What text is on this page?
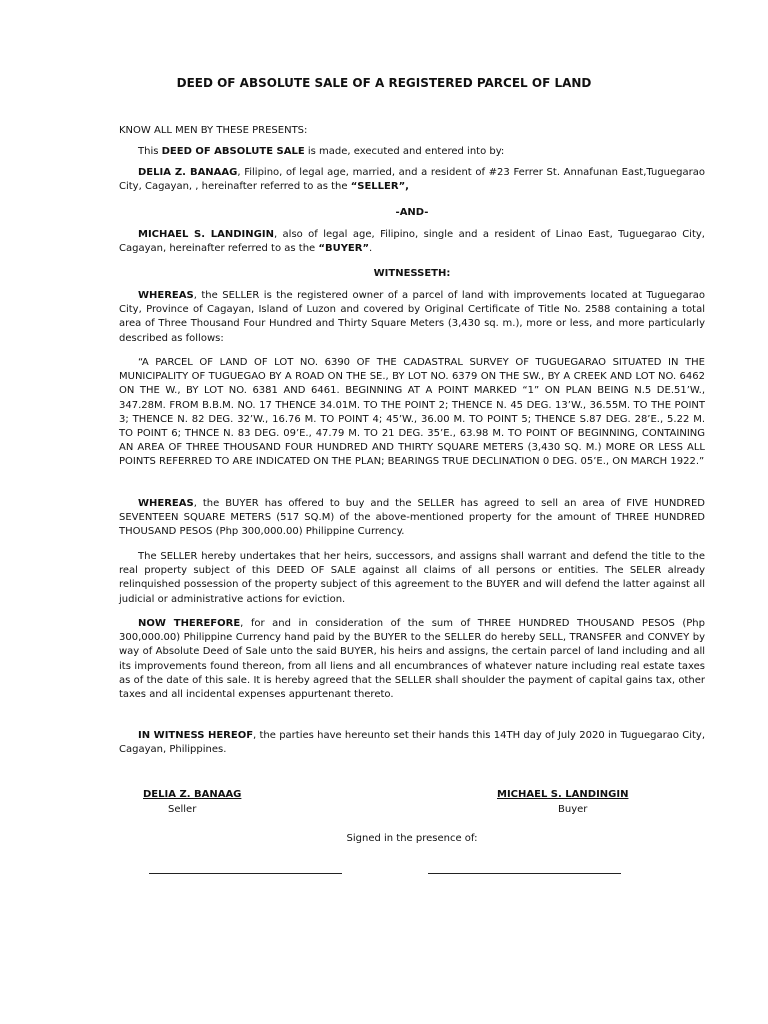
DEED OF ABSOLUTE SALE OF A REGISTERED PARCEL OF LAND
KNOW ALL MEN BY THESE PRESENTS:
This DEED OF ABSOLUTE SALE is made, executed and entered into by:
DELIA Z. BANAAG, Filipino, of legal age, married, and a resident of #23 Ferrer St. Annafunan East,Tuguegarao City, Cagayan, , hereinafter referred to as the “SELLER”,
-AND-
MICHAEL S. LANDINGIN, also of legal age, Filipino, single and a resident of Linao East, Tuguegarao City, Cagayan, hereinafter referred to as the “BUYER”.
WITNESSETH:
WHEREAS, the SELLER is the registered owner of a parcel of land with improvements located at Tuguegarao City, Province of Cagayan, Island of Luzon and covered by Original Certificate of Title No. 2588 containing a total area of Three Thousand Four Hundred and Thirty Square Meters (3,430 sq. m.), more or less, and more particularly described as follows:
“A PARCEL OF LAND OF LOT NO. 6390 OF THE CADASTRAL SURVEY OF TUGUEGARAO SITUATED IN THE MUNICIPALITY OF TUGUEGAO BY A ROAD ON THE SE., BY LOT NO. 6379 ON THE SW., BY A CREEK AND LOT NO. 6462 ON THE W., BY LOT NO. 6381 AND 6461. BEGINNING AT A POINT MARKED “1” ON PLAN BEING N.5 DE.51’W., 347.28M. FROM B.B.M. NO. 17 THENCE 34.01M. TO THE POINT 2; THENCE N. 45 DEG. 13’W., 36.55M. TO THE POINT 3; THENCE N. 82 DEG. 32’W., 16.76 M. TO POINT 4; 45’W., 36.00 M. TO POINT 5; THENCE S.87 DEG. 28’E., 5.22 M. TO POINT 6; THNCE N. 83 DEG. 09’E., 47.79 M. TO 21 DEG. 35’E., 63.98 M. TO POINT OF BEGINNING, CONTAINING AN AREA OF THREE THOUSAND FOUR HUNDRED AND THIRTY SQUARE METERS (3,430 SQ. M.) MORE OR LESS ALL POINTS REFERRED TO ARE INDICATED ON THE PLAN; BEARINGS TRUE DECLINATION 0 DEG. 05’E., ON MARCH 1922.”
WHEREAS, the BUYER has offered to buy and the SELLER has agreed to sell an area of FIVE HUNDRED SEVENTEEN SQUARE METERS (517 SQ.M) of the above-mentioned property for the amount of THREE HUNDRED THOUSAND PESOS (Php 300,000.00) Philippine Currency.
The SELLER hereby undertakes that her heirs, successors, and assigns shall warrant and defend the title to the real property subject of this DEED OF SALE against all claims of all persons or entities. The SELER already relinquished possession of the property subject of this agreement to the BUYER and will defend the latter against all judicial or administrative actions for eviction.
NOW THEREFORE, for and in consideration of the sum of THREE HUNDRED THOUSAND PESOS (Php 300,000.00) Philippine Currency hand paid by the BUYER to the SELLER do hereby SELL, TRANSFER and CONVEY by way of Absolute Deed of Sale unto the said BUYER, his heirs and assigns, the certain parcel of land including and all its improvements found thereon, from all liens and all encumbrances of whatever nature including real estate taxes as of the date of this sale. It is hereby agreed that the SELLER shall shoulder the payment of capital gains tax, other taxes and all incidental expenses appurtenant thereto.
IN WITNESS HEREOF, the parties have hereunto set their hands this 14TH day of July 2020 in Tuguegarao City, Cagayan, Philippines.
DELIA Z. BANAAG
Seller
MICHAEL S. LANDINGIN
Buyer
Signed in the presence of:
